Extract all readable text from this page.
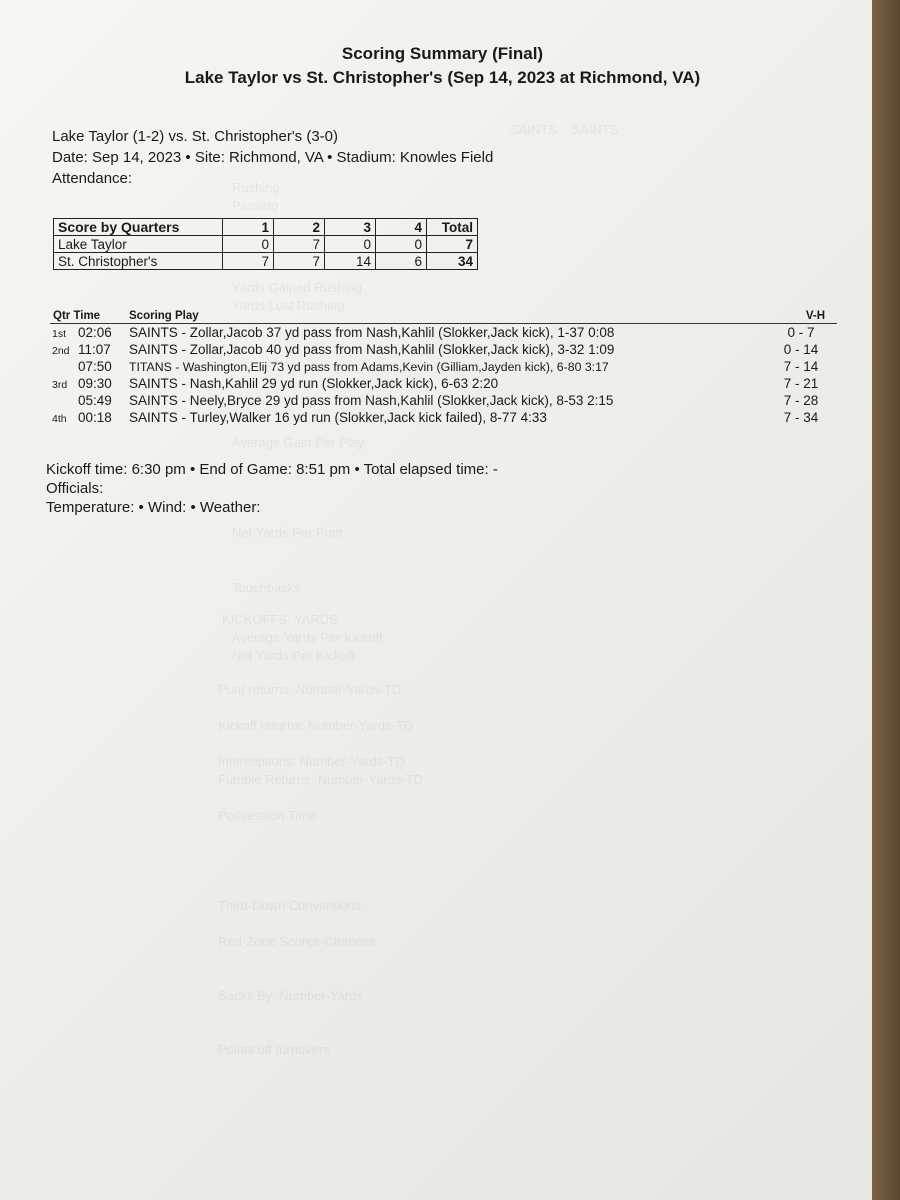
SAINTS    SAINTS
Rushing
Passing
Yards Gained Rushing
Yards Lost Rushing
Average Gain Per Play
Net Yards Per Punt
Touchbacks
KICKOFFS: YARDS
Average Yards Per Kickoff
Net Yards Per Kickoff
Punt returns: Number-Yards-TD
Kickoff returns: Number-Yards-TD
Interceptions: Number-Yards-TD
Fumble Returns: Number-Yards-TD
Possession Time
Third-Down Conversions
Red-Zone Scores-Chances
Sacks By: Number-Yards
Points off turnovers
Scoring Summary (Final)
Lake Taylor vs St. Christopher's (Sep 14, 2023 at Richmond, VA)
Lake Taylor (1-2) vs. St. Christopher's (3-0)
Date: Sep 14, 2023 • Site: Richmond, VA • Stadium: Knowles Field
Attendance:
Score by Quarters	1	2	3	4	Total
Lake Taylor	0	7	0	0	7
St. Christopher's	7	7	14	6	34
Qtr Time	Scoring Play	V-H
1st 02:06 SAINTS - Zollar,Jacob 37 yd pass from Nash,Kahlil (Slokker,Jack kick), 1-37 0:08	0 - 7
2nd 11:07 SAINTS - Zollar,Jacob 40 yd pass from Nash,Kahlil (Slokker,Jack kick), 3-32 1:09	0 - 14
07:50 TITANS - Washington,Elij 73 yd pass from Adams,Kevin (Gilliam,Jayden kick), 6-80 3:17	7 - 14
3rd 09:30 SAINTS - Nash,Kahlil 29 yd run (Slokker,Jack kick), 6-63 2:20	7 - 21
05:49 SAINTS - Neely,Bryce 29 yd pass from Nash,Kahlil (Slokker,Jack kick), 8-53 2:15	7 - 28
4th 00:18 SAINTS - Turley,Walker 16 yd run (Slokker,Jack kick failed), 8-77 4:33	7 - 34
Kickoff time: 6:30 pm • End of Game: 8:51 pm • Total elapsed time: -
Officials:
Temperature: • Wind: • Weather:
